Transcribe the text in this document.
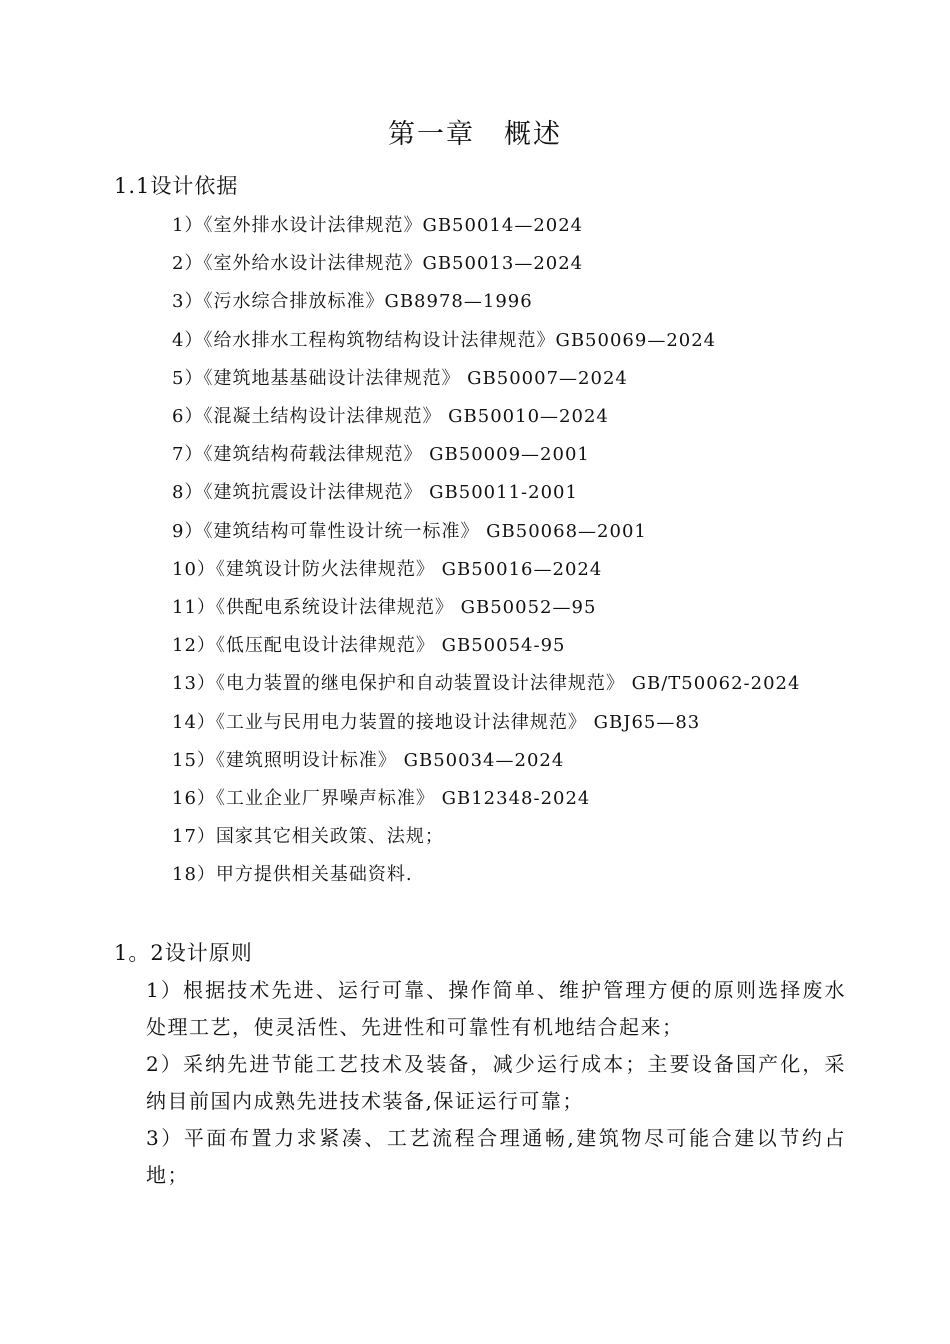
第一章　概述
1.1设计依据
1）《室外排水设计法律规范》GB50014—2024
2）《室外给水设计法律规范》GB50013—2024
3）《污水综合排放标准》GB8978—1996
4）《给水排水工程构筑物结构设计法律规范》GB50069—2024
5）《建筑地基基础设计法律规范》 GB50007—2024
6）《混凝土结构设计法律规范》 GB50010—2024
7）《建筑结构荷载法律规范》 GB50009—2001
8）《建筑抗震设计法律规范》 GB50011-2001
9）《建筑结构可靠性设计统一标准》 GB50068—2001
10）《建筑设计防火法律规范》 GB50016—2024
11）《供配电系统设计法律规范》 GB50052—95
12）《低压配电设计法律规范》 GB50054-95
13）《电力装置的继电保护和自动装置设计法律规范》 GB/T50062-2024
14）《工业与民用电力装置的接地设计法律规范》 GBJ65—83
15）《建筑照明设计标准》 GB50034—2024
16）《工业企业厂界噪声标准》 GB12348-2024
17）国家其它相关政策、法规；
18）甲方提供相关基础资料.
1。2设计原则
1）根据技术先进、运行可靠、操作简单、维护管理方便的原则选择废水处理工艺，使灵活性、先进性和可靠性有机地结合起来；
2）采纳先进节能工艺技术及装备，减少运行成本；主要设备国产化，采纳目前国内成熟先进技术装备,保证运行可靠；
3）平面布置力求紧凑、工艺流程合理通畅,建筑物尽可能合建以节约占地；
